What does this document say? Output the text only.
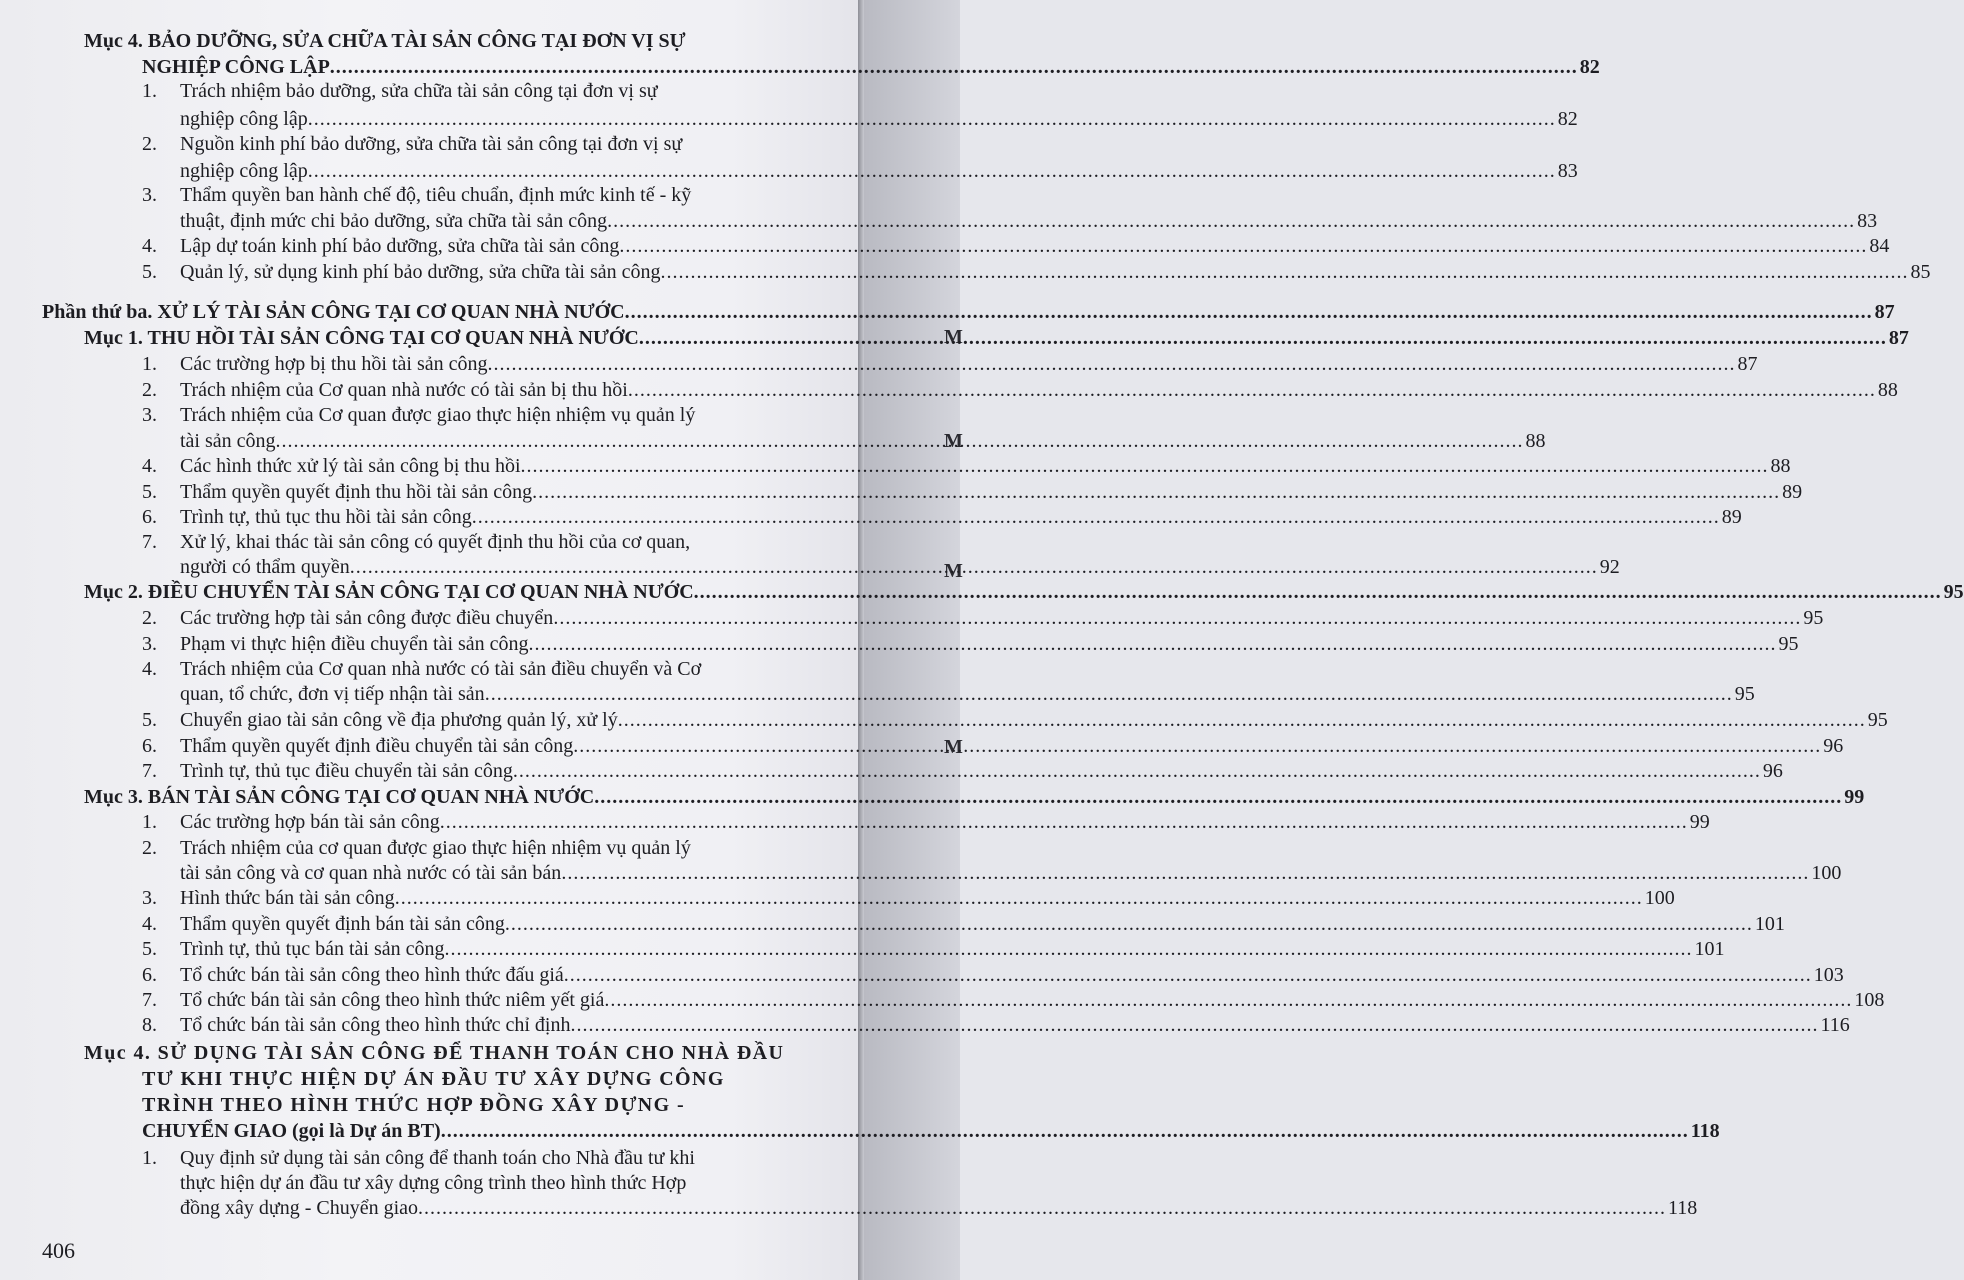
M
M
M
M
Mục 4. BẢO DƯỠNG, SỬA CHỮA TÀI SẢN CÔNG TẠI ĐƠN VỊ SỰ
NGHIỆP CÔNG LẬP .....	82
1. Trách nhiệm bảo dưỡng, sửa chữa tài sản công tại đơn vị sự
nghiệp công lập .....	82
2. Nguồn kinh phí bảo dưỡng, sửa chữa tài sản công tại đơn vị sự
nghiệp công lập .....	83
3. Thẩm quyền ban hành chế độ, tiêu chuẩn, định mức kinh tế - kỹ
thuật, định mức chi bảo dưỡng, sửa chữa tài sản công .....	83
4. Lập dự toán kinh phí bảo dưỡng, sửa chữa tài sản công .....	84
5. Quản lý, sử dụng kinh phí bảo dưỡng, sửa chữa tài sản công .....	85
Phần thứ ba. XỬ LÝ TÀI SẢN CÔNG TẠI CƠ QUAN NHÀ NƯỚC .....	87
Mục 1. THU HỒI TÀI SẢN CÔNG TẠI CƠ QUAN NHÀ NƯỚC .....	87
1. Các trường hợp bị thu hồi tài sản công .....	87
2. Trách nhiệm của Cơ quan nhà nước có tài sản bị thu hồi .....	88
3. Trách nhiệm của Cơ quan được giao thực hiện nhiệm vụ quản lý
tài sản công .....	88
4. Các hình thức xử lý tài sản công bị thu hồi .....	88
5. Thẩm quyền quyết định thu hồi tài sản công .....	89
6. Trình tự, thủ tục thu hồi tài sản công .....	89
7. Xử lý, khai thác tài sản công có quyết định thu hồi của cơ quan,
người có thẩm quyền .....	92
Mục 2. ĐIỀU CHUYỂN TÀI SẢN CÔNG TẠI CƠ QUAN NHÀ NƯỚC .....	95
2. Các trường hợp tài sản công được điều chuyển .....	95
3. Phạm vi thực hiện điều chuyển tài sản công .....	95
4. Trách nhiệm của Cơ quan nhà nước có tài sản điều chuyển và Cơ
quan, tổ chức, đơn vị tiếp nhận tài sản .....	95
5. Chuyển giao tài sản công về địa phương quản lý, xử lý .....	95
6. Thẩm quyền quyết định điều chuyển tài sản công .....	96
7. Trình tự, thủ tục điều chuyển tài sản công .....	96
Mục 3. BÁN TÀI SẢN CÔNG TẠI CƠ QUAN NHÀ NƯỚC .....	99
1. Các trường hợp bán tài sản công .....	99
2. Trách nhiệm của cơ quan được giao thực hiện nhiệm vụ quản lý
tài sản công và cơ quan nhà nước có tài sản bán .....	100
3. Hình thức bán tài sản công .....	100
4. Thẩm quyền quyết định bán tài sản công .....	101
5. Trình tự, thủ tục bán tài sản công .....	101
6. Tổ chức bán tài sản công theo hình thức đấu giá .....	103
7. Tổ chức bán tài sản công theo hình thức niêm yết giá .....	108
8. Tổ chức bán tài sản công theo hình thức chỉ định .....	116
Mục 4. SỬ DỤNG TÀI SẢN CÔNG ĐỂ THANH TOÁN CHO NHÀ ĐẦU
TƯ KHI THỰC HIỆN DỰ ÁN ĐẦU TƯ XÂY DỰNG CÔNG
TRÌNH THEO HÌNH THỨC HỢP ĐỒNG XÂY DỰNG -
CHUYỂN GIAO (gọi là Dự án BT) .....	118
1. Quy định sử dụng tài sản công để thanh toán cho Nhà đầu tư khi
thực hiện dự án đầu tư xây dựng công trình theo hình thức Hợp
đồng xây dựng - Chuyển giao .....	118
406
